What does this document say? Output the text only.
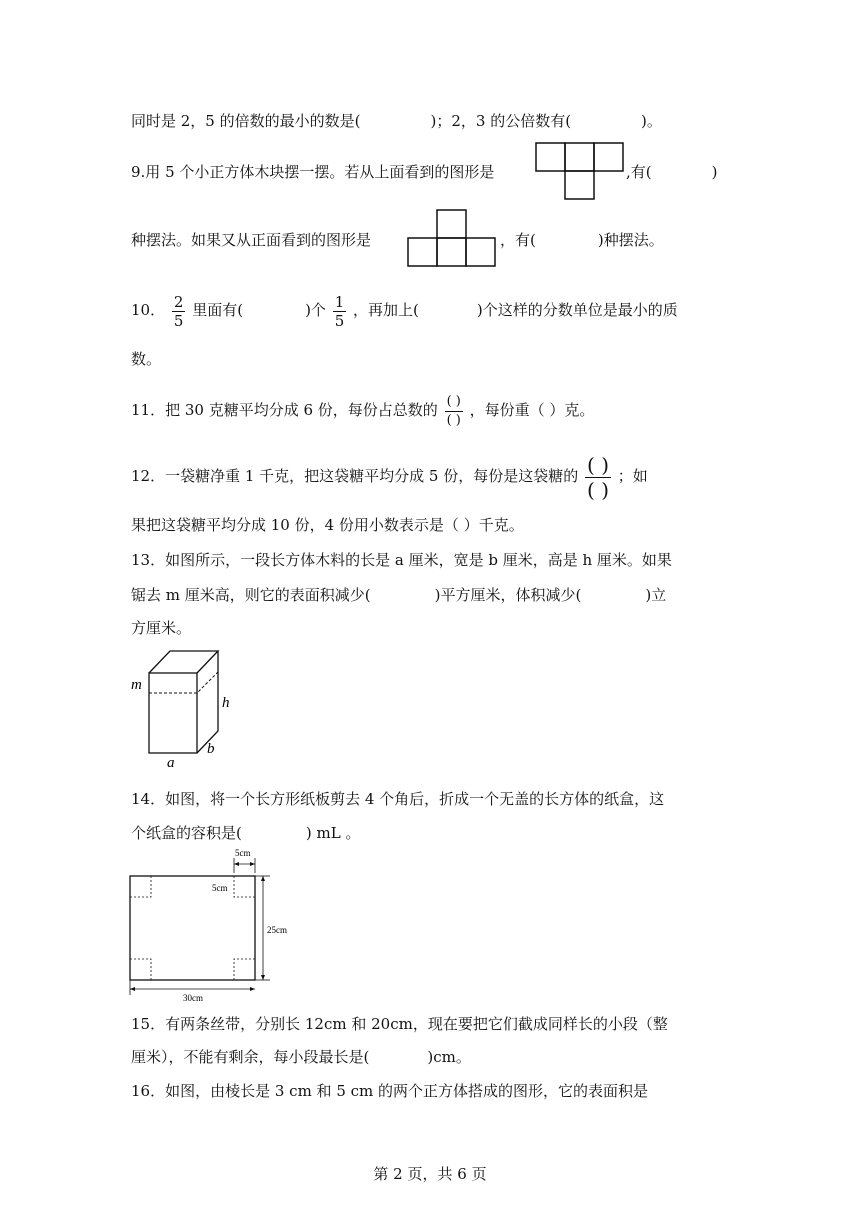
同时是 2，5 的倍数的最小的数是(	)；2，3 的公倍数有(	)。
9.用 5 个小正方体木块摆一摆。若从上面看到的图形是	,有(	)
种摆法。如果又从正面看到的图形是	，有(	)种摆法。
10． $\frac{2}{5}$ 里面有(	)个 $\frac{1}{5}$ ，再加上(	)个这样的分数单位是最小的质
数。
11．把 30 克糖平均分成 6 份，每份占总数的 $\frac{( )}{( )}$ ，每份重（ ）克。
12．一袋糖净重 1 千克，把这袋糖平均分成 5 份，每份是这袋糖的 $\frac{( )}{( )}$ ；如
果把这袋糖平均分成 10 份，4 份用小数表示是（ ）千克。
13．如图所示，一段长方体木料的长是 a 厘米，宽是 b 厘米，高是 h 厘米。如果
锯去 m 厘米高，则它的表面积减少(	)平方厘米，体积减少(	)立
方厘米。
m
h
a
b
14．如图，将一个长方形纸板剪去 4 个角后，折成一个无盖的长方体的纸盒，这
个纸盒的容积是(	) mL 。
5cm
5cm
25cm
30cm
15．有两条丝带，分别长 12cm 和 20cm，现在要把它们截成同样长的小段（整
厘米），不能有剩余，每小段最长是(	)cm。
16．如图，由棱长是 3 cm 和 5 cm 的两个正方体搭成的图形，它的表面积是
第 2 页，共 6 页
